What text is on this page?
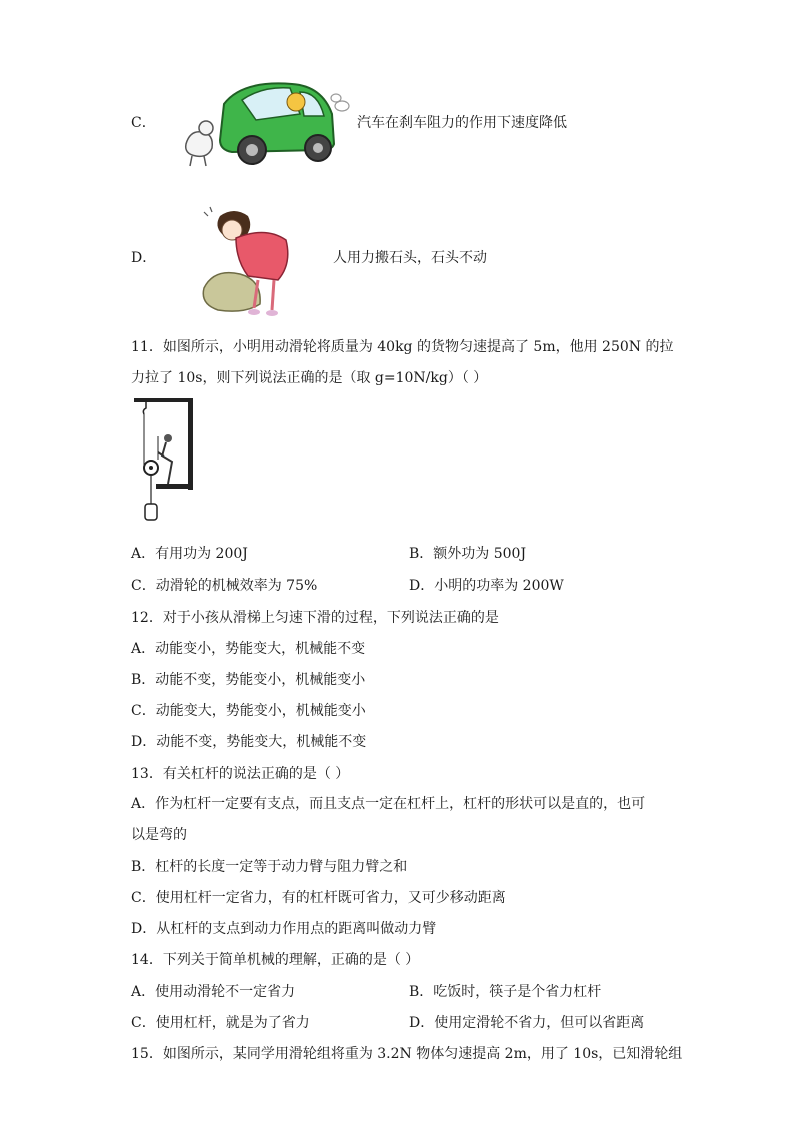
C．	汽车在刹车阻力的作用下速度降低
D．	人用力搬石头，石头不动
11．如图所示，小明用动滑轮将质量为 40kg 的货物匀速提高了 5m，他用 250N 的拉
力拉了 10s，则下列说法正确的是（取 g=10N/kg）（ ）
A．有用功为 200J	B．额外功为 500J
C．动滑轮的机械效率为 75%	D．小明的功率为 200W
12．对于小孩从滑梯上匀速下滑的过程，下列说法正确的是
A．动能变小，势能变大，机械能不变
B．动能不变，势能变小，机械能变小
C．动能变大，势能变小，机械能变小
D．动能不变，势能变大，机械能不变
13．有关杠杆的说法正确的是（ ）
A．作为杠杆一定要有支点，而且支点一定在杠杆上，杠杆的形状可以是直的，也可
以是弯的
B．杠杆的长度一定等于动力臂与阻力臂之和
C．使用杠杆一定省力，有的杠杆既可省力，又可少移动距离
D．从杠杆的支点到动力作用点的距离叫做动力臂
14．下列关于简单机械的理解，正确的是（ ）
A．使用动滑轮不一定省力	B．吃饭时，筷子是个省力杠杆
C．使用杠杆，就是为了省力	D．使用定滑轮不省力，但可以省距离
15．如图所示，某同学用滑轮组将重为 3.2N 物体匀速提高 2m，用了 10s，已知滑轮组
